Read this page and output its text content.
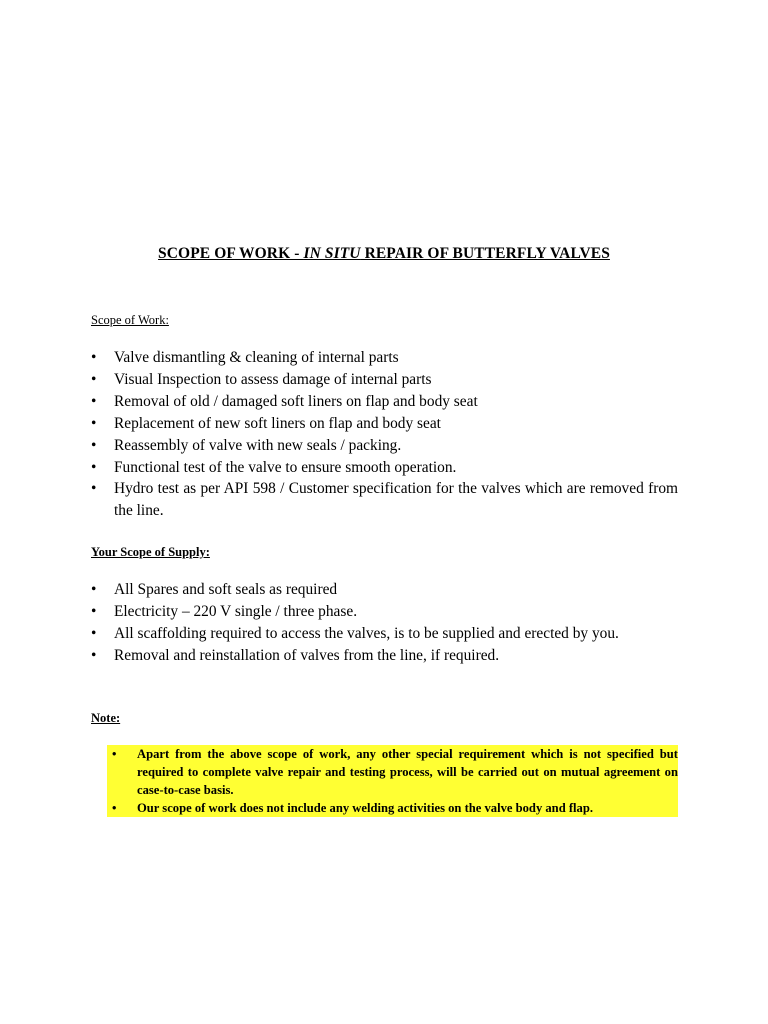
SCOPE OF WORK - IN SITU REPAIR OF BUTTERFLY VALVES
Scope of Work:
•	Valve dismantling & cleaning of internal parts
•	Visual Inspection to assess damage of internal parts
•	Removal of old / damaged soft liners on flap and body seat
•	Replacement of new soft liners on flap and body seat
•	Reassembly of valve with new seals / packing.
•	Functional test of the valve to ensure smooth operation.
•	Hydro test as per API 598 / Customer specification for the valves which are removed from the line.
Your Scope of Supply:
•	All Spares and soft seals as required
•	Electricity – 220 V single / three phase.
•	All scaffolding required to access the valves, is to be supplied and erected by you.
•	Removal and reinstallation of valves from the line, if required.
Note:
• Apart from the above scope of work, any other special requirement which is not specified but required to complete valve repair and testing process, will be carried out on mutual agreement on case-to-case basis.
• Our scope of work does not include any welding activities on the valve body and flap.
